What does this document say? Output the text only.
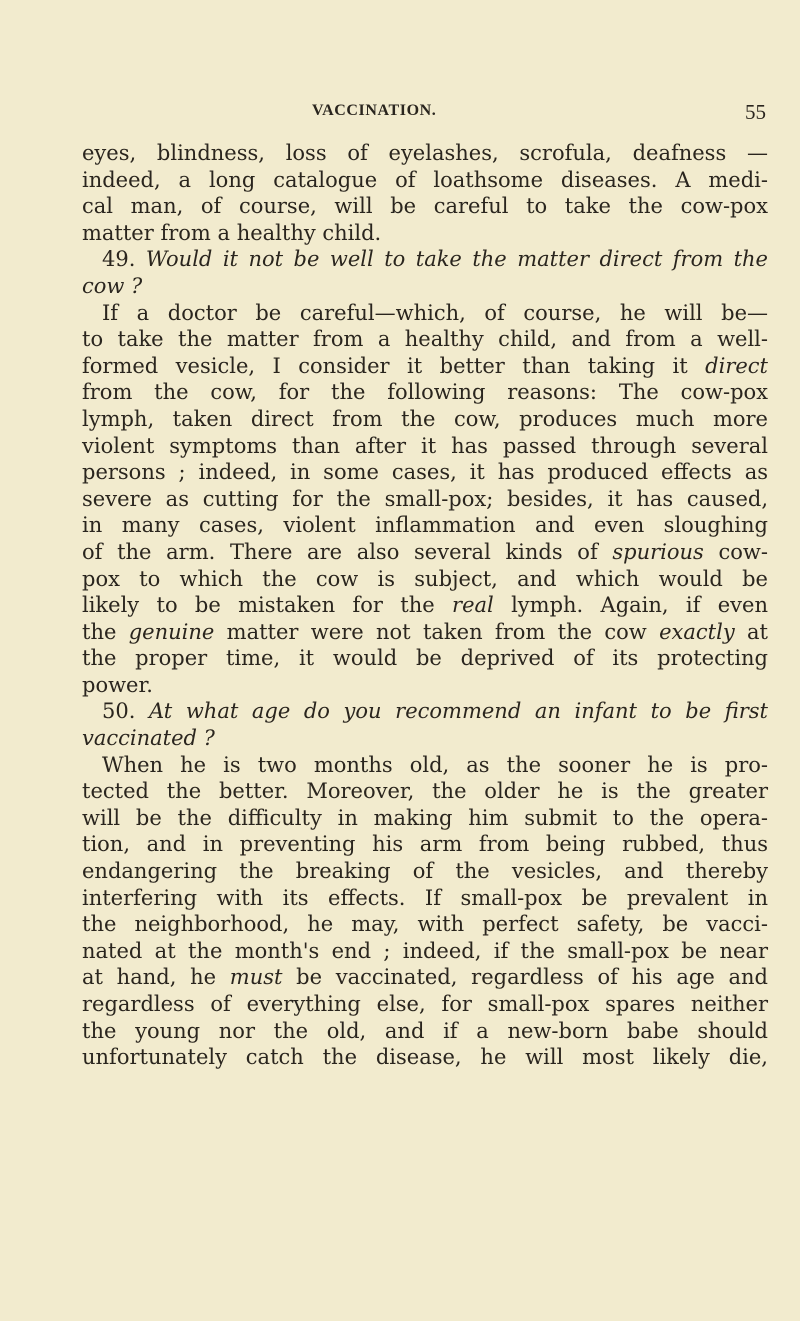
VACCINATION.	55
eyes, blindness, loss of eyelashes, scrofula, deafness —
indeed, a long catalogue of loathsome diseases. A medi-
cal man, of course, will be careful to take the cow-pox
matter from a healthy child.
49. Would it not be well to take the matter direct from the
cow ?
If a doctor be careful—which, of course, he will be—
to take the matter from a healthy child, and from a well-
formed vesicle, I consider it better than taking it direct
from the cow, for the following reasons: The cow-pox
lymph, taken direct from the cow, produces much more
violent symptoms than after it has passed through several
persons ; indeed, in some cases, it has produced effects as
severe as cutting for the small-pox; besides, it has caused,
in many cases, violent inflammation and even sloughing
of the arm. There are also several kinds of spurious cow-
pox to which the cow is subject, and which would be
likely to be mistaken for the real lymph. Again, if even
the genuine matter were not taken from the cow exactly at
the proper time, it would be deprived of its protecting
power.
50. At what age do you recommend an infant to be first
vaccinated ?
When he is two months old, as the sooner he is pro-
tected the better. Moreover, the older he is the greater
will be the difficulty in making him submit to the opera-
tion, and in preventing his arm from being rubbed, thus
endangering the breaking of the vesicles, and thereby
interfering with its effects. If small-pox be prevalent in
the neighborhood, he may, with perfect safety, be vacci-
nated at the month's end ; indeed, if the small-pox be near
at hand, he must be vaccinated, regardless of his age and
regardless of everything else, for small-pox spares neither
the young nor the old, and if a new-born babe should
unfortunately catch the disease, he will most likely die,
